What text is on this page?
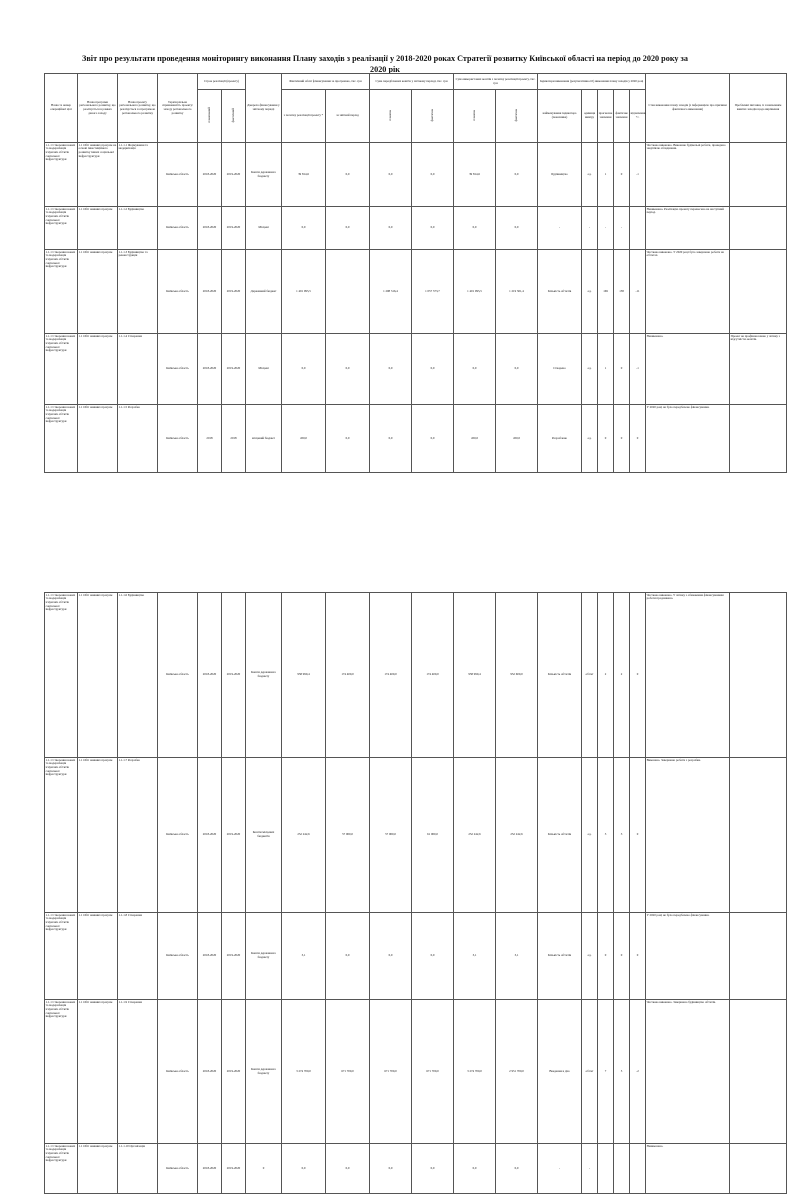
Звіт про результати проведення моніторингу виконання Плану заходів з реалізації у 2018-2020 роках Стратегії розвитку Київської області на період до 2020 року за 2020 рік
Назва та номер операційної цілі	Назва програми регіонального розвитку, що реалізується в рамках даного заходу	Назва проекту регіонального розвитку, що реалізується за програмою регіонального розвитку	Територіальна спрямованість проекту/заходу регіонального розвитку	Строк реалізації (проекту)		Джерела фінансування у звітному періоді	Фактичний обсяг фінансування за програмою, тис. грн		Сума передбачених коштів у звітному періоді, тис. грн		Сума використаних коштів з початку реалізації проекту, тис. грн		Індикатори виконання (результативності) виконання плану заходів у 2020 році					Стан виконання плану заходів (з інформацією про причини фактичного виконання)	Проблемні питання, із зазначенням вжитих заходів щодо вирішення
				планований	фактичний		з початку реалізації проекту *	за звітний період	планова	фактична	планова	фактична	найменування індикатора (показника)	одиниця виміру	прогнозне значення	фактичне значення	відхилення, +/-		

1.1.1 Створення нових та модернізація існуючих об'єктів соціальної інфраструктури	1.1 Обіг наявних програм на основі інвестиційного розвитку інших соціальної інфраструктури	1.1.1.1 Формування та модернізація	Київська область	2018-2020	2019-2020	Кошти державного бюджету	39 814,6	0,0	0,0	0,0	39 814,6	0,0	Будівництво	од.	1	0	-1	Частково виконано. Виконано будівельні роботи, проведено закупівлю обладнання.	
1.1.1 Створення нових та модернізація існуючих об'єктів соціальної інфраструктури	1.1 Обіг наявних програм	1.1.1.2 Будівництво	Київська область	2018-2020	2019-2020	Місцеві	0,0	0,0	0,0	0,0	0,0	0,0	-	-	-	-		Невиконано. Реалізацію проекту перенесено на наступний період.	
1.1.1 Створення нових та модернізація існуючих об'єктів соціальної інфраструктури	1.1 Обіг наявних програм	1.1.1.3 Будівництво та реконструкція	Київська область	2018-2020	2019-2020	Державний бюджет	1 491 095,5		1 208 316,4	1 057 373,7	1 401 095,5	1 219 301,4	Кількість об'єктів	од.	169	158	-11	Частково виконано. У 2020 році було завершено роботи на об'єктах.	
1.1.1 Створення нових та модернізація існуючих об'єктів соціальної інфраструктури	1.1 Обіг наявних програм	1.1.1.4 Створення	Київська область	2018-2020	2019-2020	Місцеві	0,0	0,0	0,0	0,0	0,0	0,0	Створено	од.	1	0	-1	Невиконано.	Проект не профінансовано у зв'язку з відсутністю коштів.
1.1.1 Створення нових та модернізація існуючих об'єктів соціальної інфраструктури	1.1 Обіг наявних програм	1.1.1.5 Розробка	Київська область	2018	2018	місцевий бюджет	450,0	0,0	0,0	0,0	450,0	450,0	Розроблено	од.	0	0	0	У 2020 році не було передбачено фінансування.	
1.1.1 Створення нових та модернізація існуючих об'єктів соціальної інфраструктури	1.1 Обіг наявних програм	1.1.1.6 Будівництво	Київська область	2018-2020	2019-2020	Кошти державного бюджету	958 990,4	174 400,0	174 400,0	174 400,0	958 990,4	952 600,0	Кількість об'єктів	об'єкт	2	2	0	Частково виконано. У зв'язку з обмеженим фінансуванням роботи продовжено.	
1.1.1 Створення нових та модернізація існуючих об'єктів соціальної інфраструктури	1.1 Обіг наявних програм	1.1.1.7 Розробка	Київська область	2018-2020	2019-2020	Кошти місцевих бюджетів	252 242,6	57 000,0	57 000,0	61 000,0	252 242,6	252 242,6	Кількість об'єктів	од.	3	3	0	Виконано. Завершено роботи з розробки.	
1.1.1 Створення нових та модернізація існуючих об'єктів соціальної інфраструктури	1.1 Обіг наявних програм	1.1.1.8 Створення	Київська область	2018-2020	2019-2020	Кошти державного бюджету	3,1	0,0	0,0	0,0	3,1	3,1	Кількість об'єктів	од.	0	0	0	У 2020 році не було передбачено фінансування.	
1.1.1 Створення нових та модернізація існуючих об'єктів соціальної інфраструктури	1.1 Обіг наявних програм	1.1.1.9 Створення	Київська область	2018-2020	2019-2020	Кошти державного бюджету	3 274 700,0	671 700,0	671 700,0	671 700,0	3 274 700,0	2 951 700,0	Введення в дію	об'єкт	7	5	-2	Частково виконано. Завершено будівництво об'єктів.	
1.1.1 Створення нових та модернізація існуючих об'єктів соціальної інфраструктури	1.1 Обіг наявних програм	1.1.1.10 Організація	Київська область	2018-2020	2019-2020	0	0,0	0,0	0,0	0,0	0,0	0,0	-	-				Невиконано.	
